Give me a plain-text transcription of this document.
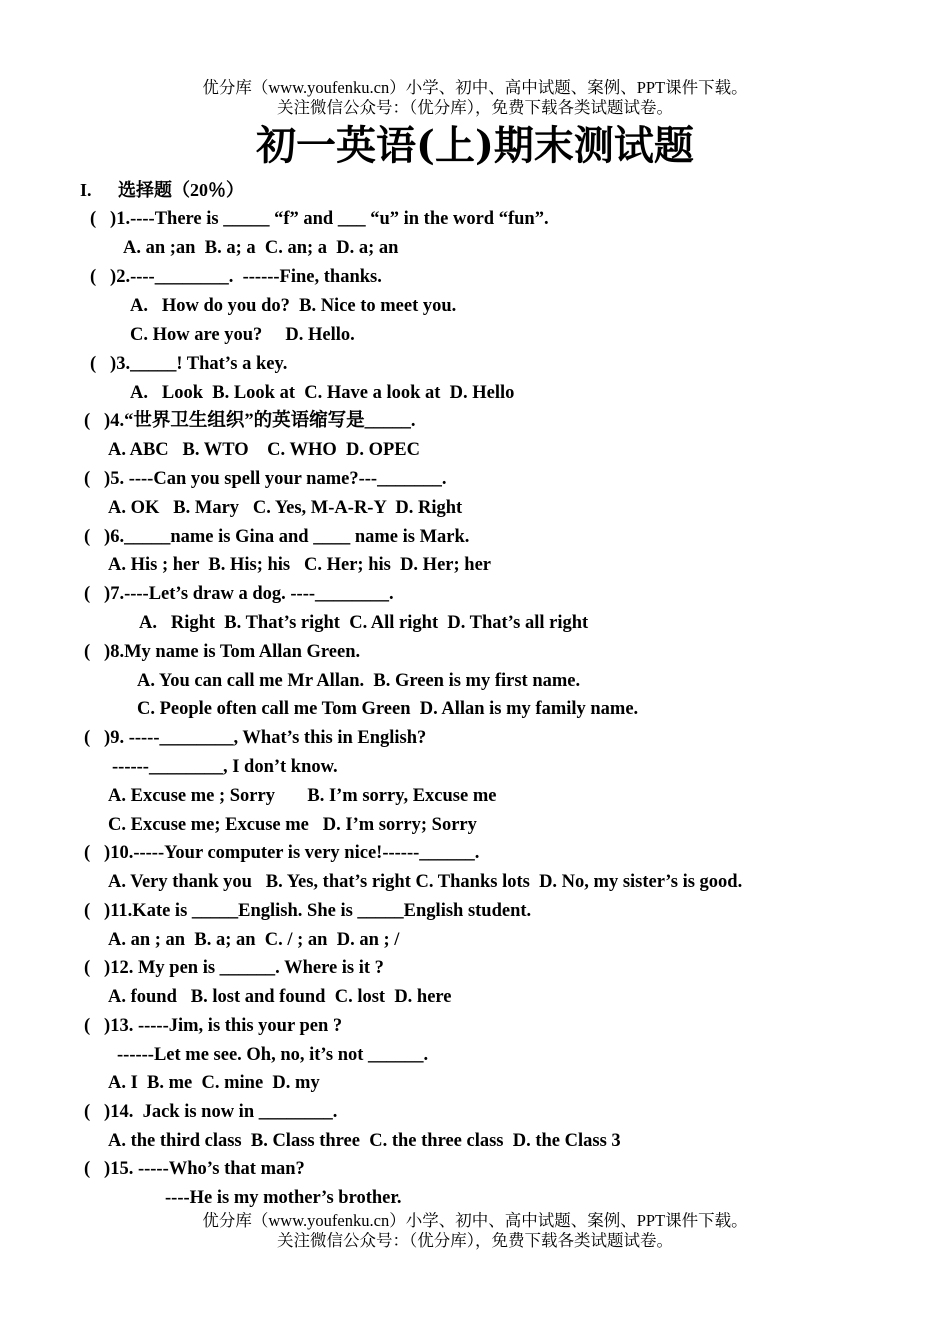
优分库（www.youfenku.cn）小学、初中、高中试题、案例、PPT课件下载。
关注微信公众号：（优分库），免费下载各类试题试卷。
初一英语(上)期末测试题
I. 选择题（20％）
(   )1.----There is _____ “f” and ___ “u” in the word “fun”.
A. an ;an  B. a; a  C. an; a  D. a; an
(   )2.----________.  ------Fine, thanks.
A.   How do you do?  B. Nice to meet you.
C. How are you?     D. Hello.
(   )3._____! That’s a key.
A.   Look  B. Look at  C. Have a look at  D. Hello
(   )4.“世界卫生组织”的英语缩写是_____.
A. ABC   B. WTO    C. WHO  D. OPEC
(   )5. ----Can you spell your name?---_______.
A. OK   B. Mary   C. Yes, M-A-R-Y  D. Right
(   )6._____name is Gina and ____ name is Mark.
A. His ; her  B. His; his   C. Her; his  D. Her; her
(   )7.----Let’s draw a dog. ----________.
A.   Right  B. That’s right  C. All right  D. That’s all right
(   )8.My name is Tom Allan Green.
A. You can call me Mr Allan.  B. Green is my first name.
C. People often call me Tom Green  D. Allan is my family name.
(   )9. -----________, What’s this in English?
------________, I don’t know.
A. Excuse me ; Sorry       B. I’m sorry, Excuse me
C. Excuse me; Excuse me   D. I’m sorry; Sorry
(   )10.-----Your computer is very nice!------______.
A. Very thank you   B. Yes, that’s right C. Thanks lots  D. No, my sister’s is good.
(   )11.Kate is _____English. She is _____English student.
A. an ; an  B. a; an  C. / ; an  D. an ; /
(   )12. My pen is ______. Where is it ?
A. found   B. lost and found  C. lost  D. here
(   )13. -----Jim, is this your pen ?
------Let me see. Oh, no, it’s not ______.
A. I  B. me  C. mine  D. my
(   )14.  Jack is now in ________.
A. the third class  B. Class three  C. the three class  D. the Class 3
(   )15. -----Who’s that man?
----He is my mother’s brother.
优分库（www.youfenku.cn）小学、初中、高中试题、案例、PPT课件下载。
关注微信公众号：（优分库），免费下载各类试题试卷。
